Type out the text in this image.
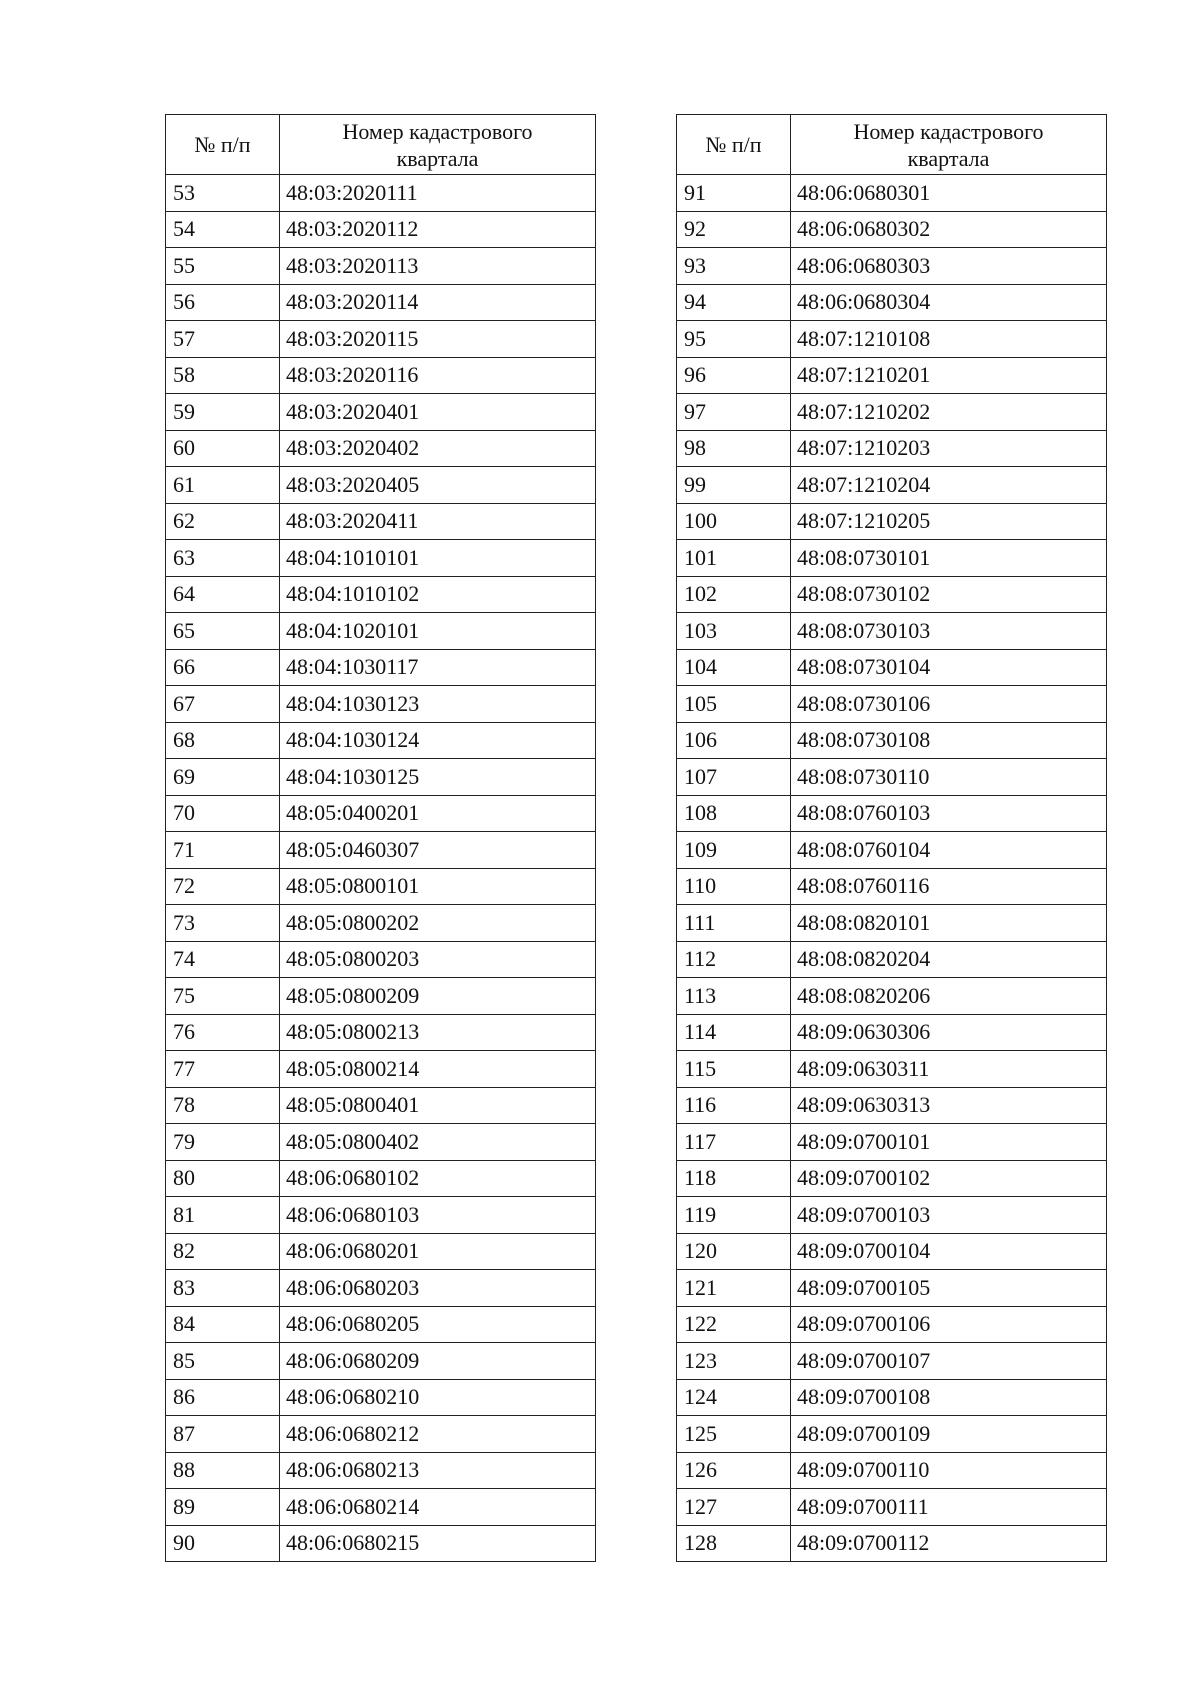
№ п/п	Номер кадастрового
квартала

53	48:03:2020111
54	48:03:2020112
55	48:03:2020113
56	48:03:2020114
57	48:03:2020115
58	48:03:2020116
59	48:03:2020401
60	48:03:2020402
61	48:03:2020405
62	48:03:2020411
63	48:04:1010101
64	48:04:1010102
65	48:04:1020101
66	48:04:1030117
67	48:04:1030123
68	48:04:1030124
69	48:04:1030125
70	48:05:0400201
71	48:05:0460307
72	48:05:0800101
73	48:05:0800202
74	48:05:0800203
75	48:05:0800209
76	48:05:0800213
77	48:05:0800214
78	48:05:0800401
79	48:05:0800402
80	48:06:0680102
81	48:06:0680103
82	48:06:0680201
83	48:06:0680203
84	48:06:0680205
85	48:06:0680209
86	48:06:0680210
87	48:06:0680212
88	48:06:0680213
89	48:06:0680214
90	48:06:0680215
№ п/п	Номер кадастрового
квартала

91	48:06:0680301
92	48:06:0680302
93	48:06:0680303
94	48:06:0680304
95	48:07:1210108
96	48:07:1210201
97	48:07:1210202
98	48:07:1210203
99	48:07:1210204
100	48:07:1210205
101	48:08:0730101
102	48:08:0730102
103	48:08:0730103
104	48:08:0730104
105	48:08:0730106
106	48:08:0730108
107	48:08:0730110
108	48:08:0760103
109	48:08:0760104
110	48:08:0760116
111	48:08:0820101
112	48:08:0820204
113	48:08:0820206
114	48:09:0630306
115	48:09:0630311
116	48:09:0630313
117	48:09:0700101
118	48:09:0700102
119	48:09:0700103
120	48:09:0700104
121	48:09:0700105
122	48:09:0700106
123	48:09:0700107
124	48:09:0700108
125	48:09:0700109
126	48:09:0700110
127	48:09:0700111
128	48:09:0700112
